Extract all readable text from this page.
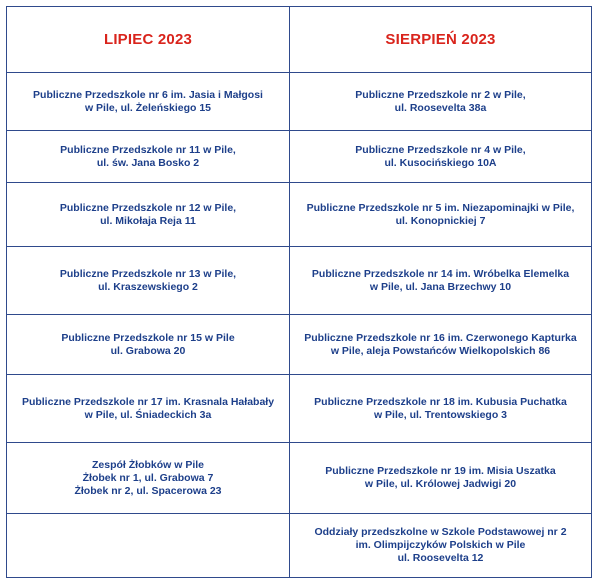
LIPIEC 2023	SIERPIEŃ 2023
Publiczne Przedszkole nr 6 im. Jasia i Małgosi
w Pile, ul. Żeleńskiego 15
Publiczne Przedszkole nr 2 w Pile,
ul. Roosevelta 38a
Publiczne Przedszkole nr 11 w Pile,
ul. św. Jana Bosko 2
Publiczne Przedszkole nr 4 w Pile,
ul. Kusocińskiego 10A
Publiczne Przedszkole nr 12 w Pile,
ul. Mikołaja Reja 11
Publiczne Przedszkole nr 5 im. Niezapominajki w Pile,
ul. Konopnickiej 7
Publiczne Przedszkole nr 13 w Pile,
ul. Kraszewskiego 2
Publiczne Przedszkole nr 14 im. Wróbelka Elemelka
w Pile, ul. Jana Brzechwy 10
Publiczne Przedszkole nr 15 w Pile
ul. Grabowa 20
Publiczne Przedszkole nr 16 im. Czerwonego Kapturka
w Pile, aleja Powstańców Wielkopolskich 86
Publiczne Przedszkole nr 17 im. Krasnala Hałabały
w Pile, ul. Śniadeckich 3a
Publiczne Przedszkole nr 18 im. Kubusia Puchatka
w Pile, ul. Trentowskiego 3
Zespół Żłobków w Pile
Żłobek nr 1, ul. Grabowa 7
Żłobek nr 2, ul. Spacerowa 23
Publiczne Przedszkole nr 19 im. Misia Uszatka
w Pile, ul. Królowej Jadwigi 20
Oddziały przedszkolne w Szkole Podstawowej nr 2
im. Olimpijczyków Polskich w Pile
ul. Roosevelta 12
